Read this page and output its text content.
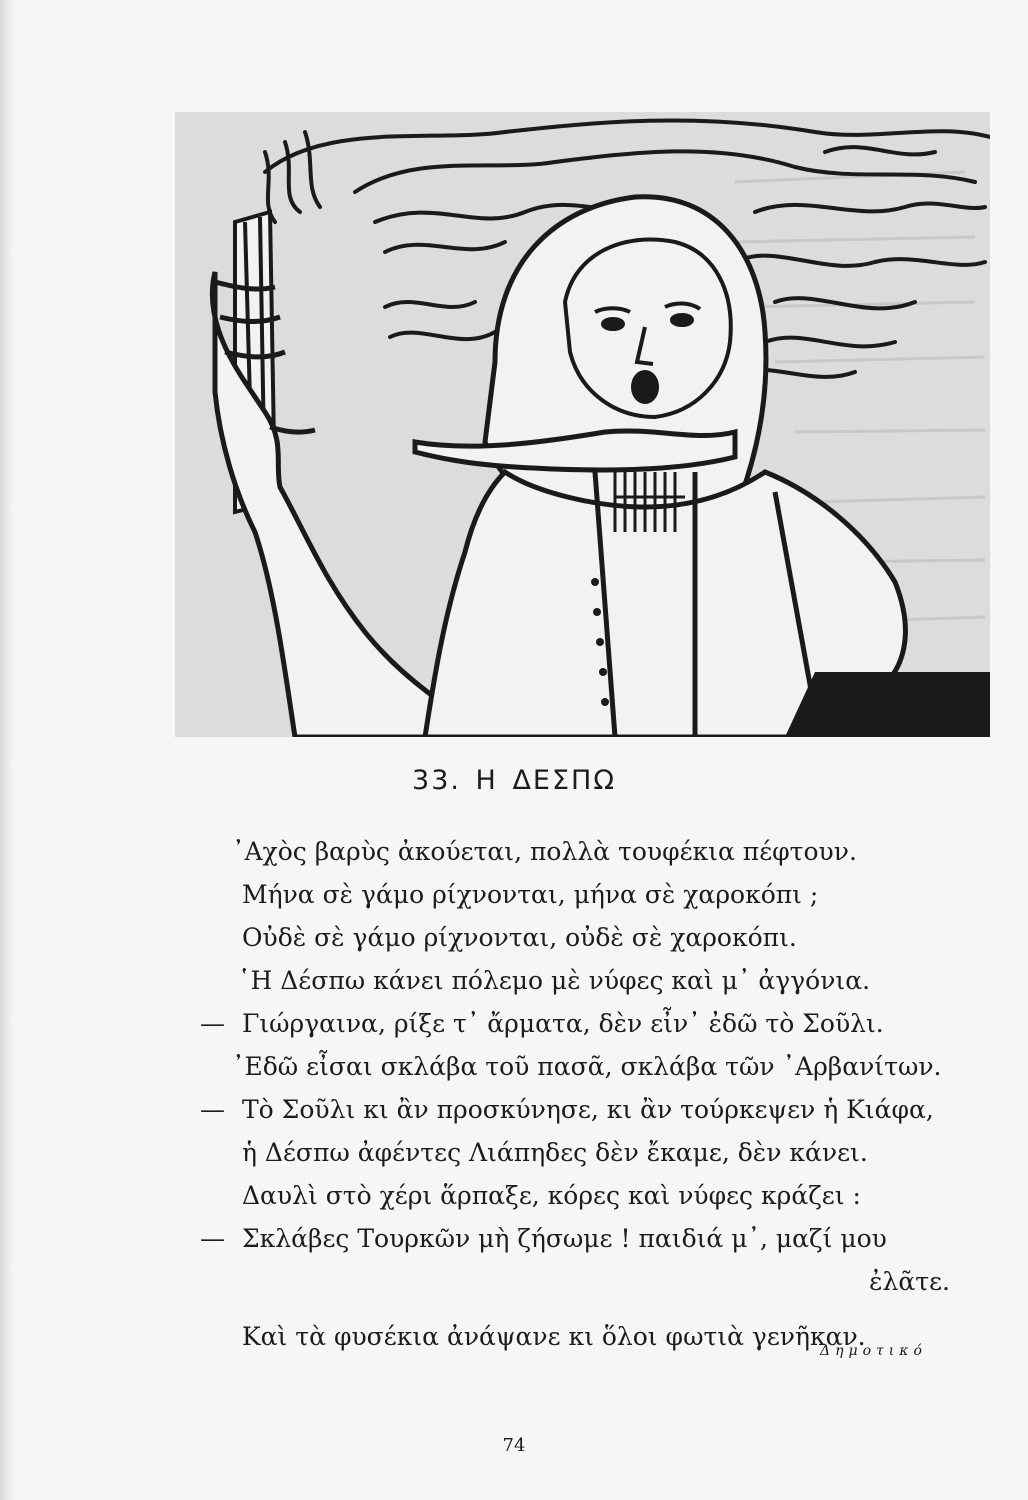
33. Η ΔΕΣΠΩ
᾿Αχὸς βαρὺς ἀκούεται, πολλὰ τουφέκια πέφτουν.
Μήνα σὲ γάμο ρίχνονται, μήνα σὲ χαροκόπι ;
Οὐδὲ σὲ γάμο ρίχνονται, οὐδὲ σὲ χαροκόπι.
῾Η Δέσπω κάνει πόλεμο μὲ νύφες καὶ μ᾿ ἀγγόνια.
— Γιώργαινα, ρίξε τ᾿ ἄρματα, δὲν εἶν᾿ ἐδῶ τὸ Σοῦλι.
᾿Εδῶ εἶσαι σκλάβα τοῦ πασᾶ, σκλάβα τῶν ᾿Αρβανίτων.
— Τὸ Σοῦλι κι ἂν προσκύνησε, κι ἂν τούρκεψεν ἡ Κιάφα,
ἡ Δέσπω ἀφέντες Λιάπηδες δὲν ἔκαμε, δὲν κάνει.
Δαυλὶ στὸ χέρι ἅρπαξε, κόρες καὶ νύφες κράζει :
— Σκλάβες Τουρκῶν μὴ ζήσωμε ! παιδιά μ᾿, μαζί μου
ἐλᾶτε.
Καὶ τὰ φυσέκια ἀνάψανε κι ὅλοι φωτιὰ γενῆκαν.
Δημοτικό
74
